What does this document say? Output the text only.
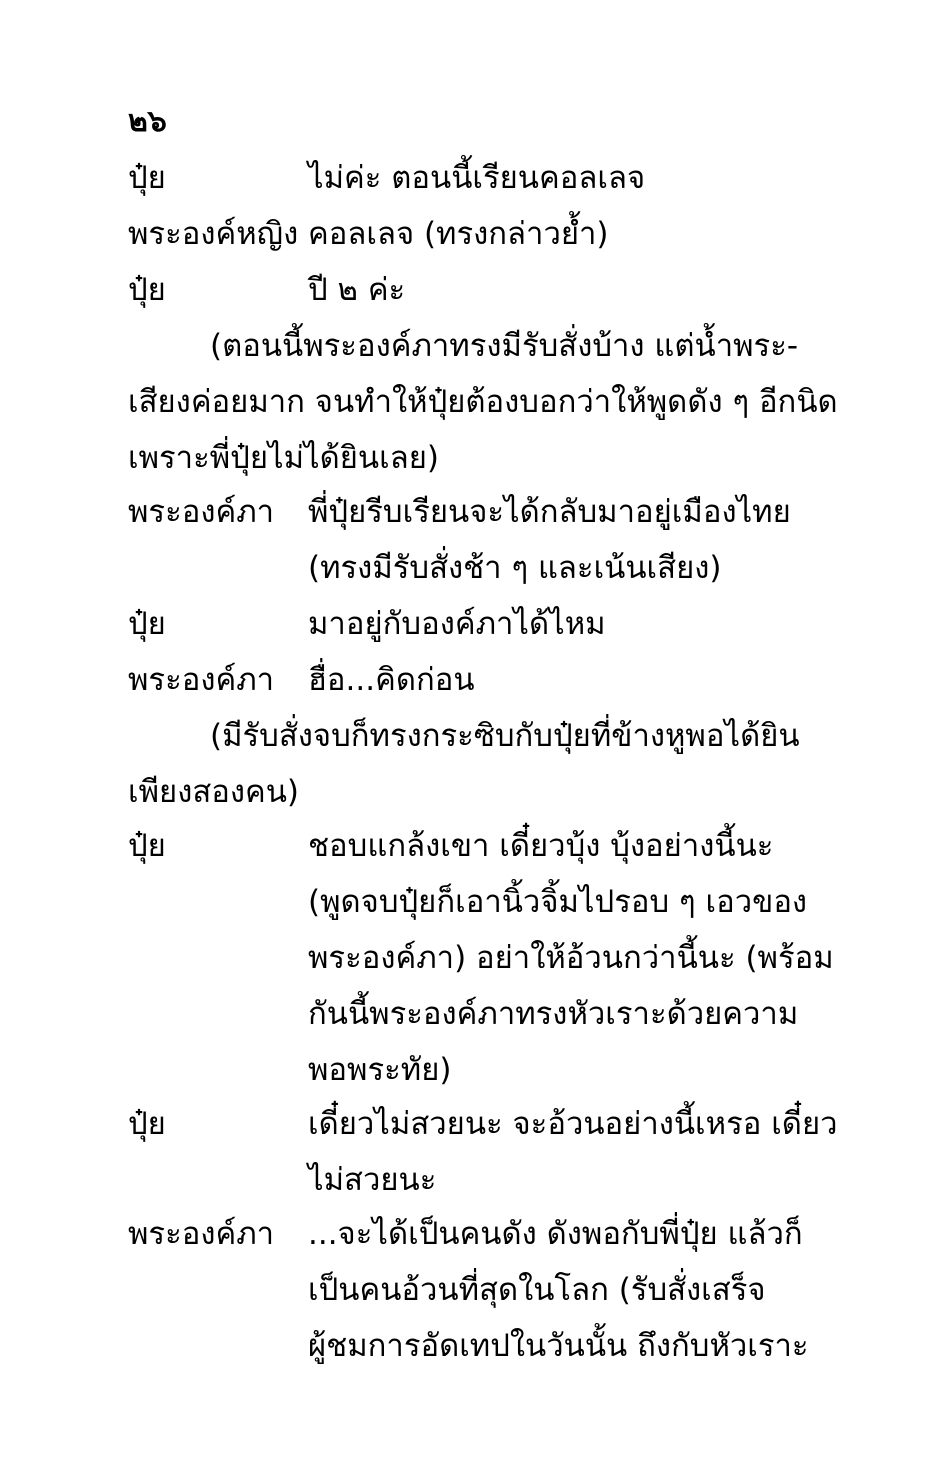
๒๖
ปุ๋ย	ไม่ค่ะ ตอนนี้เรียนคอลเลจ
พระองค์หญิง คอลเลจ (ทรงกล่าวย้ำ)
ปุ๋ย	ปี ๒ ค่ะ
(ตอนนี้พระองค์ภาทรงมีรับสั่งบ้าง แต่น้ำพระ-
เสียงค่อยมาก จนทำให้ปุ๋ยต้องบอกว่าให้พูดดัง ๆ อีกนิด
เพราะพี่ปุ๋ยไม่ได้ยินเลย)
พระองค์ภา พี่ปุ๋ยรีบเรียนจะได้กลับมาอยู่เมืองไทย
(ทรงมีรับสั่งช้า ๆ และเน้นเสียง)
ปุ๋ย	มาอยู่กับองค์ภาได้ไหม
พระองค์ภา ฮื่อ...คิดก่อน
(มีรับสั่งจบก็ทรงกระซิบกับปุ๋ยที่ข้างหูพอได้ยิน
เพียงสองคน)
ปุ๋ย	ชอบแกล้งเขา เดี๋ยวบุ้ง บุ้งอย่างนี้นะ
(พูดจบปุ๋ยก็เอานิ้วจิ้มไปรอบ ๆ เอวของ
พระองค์ภา) อย่าให้อ้วนกว่านี้นะ (พร้อม
กันนี้พระองค์ภาทรงหัวเราะด้วยความ
พอพระทัย)
ปุ๋ย	เดี๋ยวไม่สวยนะ จะอ้วนอย่างนี้เหรอ เดี๋ยว
ไม่สวยนะ
พระองค์ภา ...จะได้เป็นคนดัง ดังพอกับพี่ปุ๋ย แล้วก็
เป็นคนอ้วนที่สุดในโลก (รับสั่งเสร็จ
ผู้ชมการอัดเทปในวันนั้น ถึงกับหัวเราะ
